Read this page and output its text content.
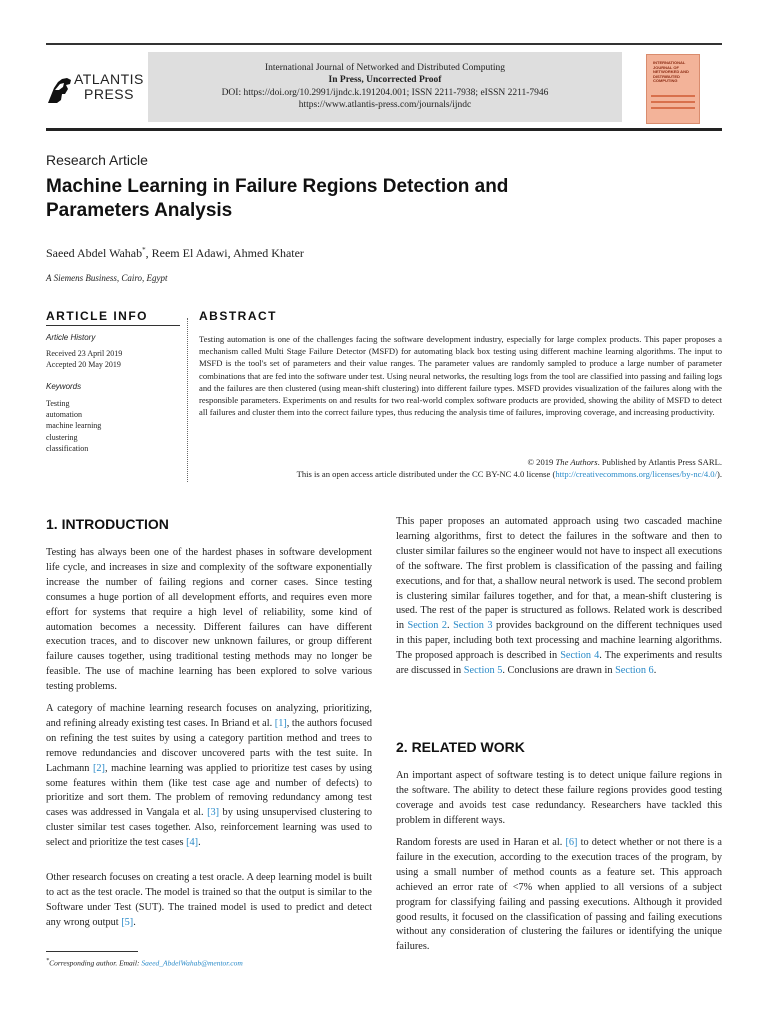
ATLANTIS
PRESS
International Journal of Networked and Distributed Computing
In Press, Uncorrected Proof
DOI: https://doi.org/10.2991/ijndc.k.191204.001; ISSN 2211-7938; eISSN 2211-7946
https://www.atlantis-press.com/journals/ijndc
INTERNATIONAL JOURNAL OF NETWORKED AND DISTRIBUTED COMPUTING
Research Article
Machine Learning in Failure Regions Detection and Parameters Analysis
Saeed Abdel Wahab*, Reem El Adawi, Ahmed Khater
A Siemens Business, Cairo, Egypt
ARTICLE INFO
Article History
Received 23 April 2019
Accepted 20 May 2019
Keywords
Testing
automation
machine learning
clustering
classification
ABSTRACT
Testing automation is one of the challenges facing the software development industry, especially for large complex products. This paper proposes a mechanism called Multi Stage Failure Detector (MSFD) for automating black box testing using different machine learning algorithms. The input to MSFD is the tool's set of parameters and their value ranges. The parameter values are randomly sampled to produce a large number of parameter combinations that are fed into the software under test. Using neural networks, the resulting logs from the tool are classified into passing and failing logs and the failures are then clustered (using mean-shift clustering) into different failure types. MSFD provides visualization of the failures along with the responsible parameters. Experiments on and results for two real-world complex software products are provided, showing the ability of MSFD to detect all failures and cluster them into the correct failure types, thus reducing the analysis time of failures, improving coverage, and increasing productivity.
© 2019 The Authors. Published by Atlantis Press SARL.
This is an open access article distributed under the CC BY-NC 4.0 license (http://creativecommons.org/licenses/by-nc/4.0/).
1. INTRODUCTION
Testing has always been one of the hardest phases in software development life cycle, and increases in size and complexity of the software exponentially increase the number of failing regions and corner cases. Since testing consumes a huge portion of all development efforts, and requires even more effort for systems that require a high level of reliability, some kind of automation becomes a necessity. Different failures can have different execution traces, and to discover new unknown failures, or group different failure causes together, using traditional testing methods may no longer be feasible. The use of machine learning has been explored to solve various testing problems.
A category of machine learning research focuses on analyzing, prioritizing, and refining already existing test cases. In Briand et al. [1], the authors focused on refining the test suites by using a category partition method and trees to remove redundancies and discover uncovered parts with the test suite. In Lachmann [2], machine learning was applied to prioritize test cases by using some features within them (like test case age and number of defects) to prioritize and sort them. The problem of removing redundancy among test cases was addressed in Vangala et al. [3] by using unsupervised clustering to cluster similar test cases together. Also, reinforcement learning was used to select and prioritize the test cases [4].
Other research focuses on creating a test oracle. A deep learning model is built to act as the test oracle. The model is trained so that the output is similar to the Software under Test (SUT). The trained model is used to predict and detect any wrong output [5].
This paper proposes an automated approach using two cascaded machine learning algorithms, first to detect the failures in the software and then to cluster similar failures so the engineer would not have to inspect all executions of the software. The first problem is classification of the passing and failing executions, and for that, a shallow neural network is used. The second problem is clustering similar failures together, and for that, a mean-shift clustering is used. The rest of the paper is structured as follows. Related work is described in Section 2. Section 3 provides background on the different techniques used in this paper, including both text processing and machine learning algorithms. The proposed approach is described in Section 4. The experiments and results are discussed in Section 5. Conclusions are drawn in Section 6.
2. RELATED WORK
An important aspect of software testing is to detect unique failure regions in the software. The ability to detect these failure regions provides good testing coverage and avoids test case redundancy. Researchers have tackled this problem in different ways.
Random forests are used in Haran et al. [6] to detect whether or not there is a failure in the execution, according to the execution traces of the program, by using a small number of method counts as a feature set. This approach achieved an error rate of <7% when applied to all versions of a subject program for classifying failing and passing executions. Although it provided good results, it focused on the classification of passing and failing executions without any consideration of clustering the failures or identifying the unique failures.
*Corresponding author. Email: Saeed_AbdelWahab@mentor.com
